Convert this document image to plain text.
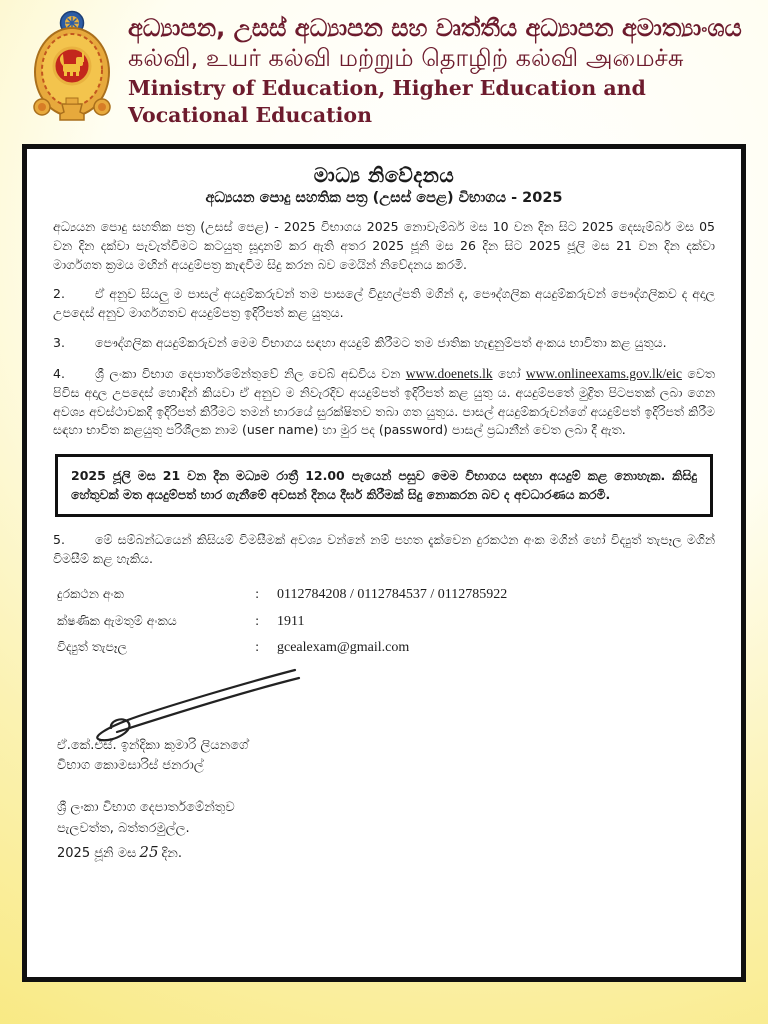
අධ්‍යාපන, උසස් අධ්‍යාපන සහ වෘත්තීය අධ්‍යාපන අමාත්‍යාංශය
கல்வி, உயர் கல்வி மற்றும் தொழிற் கல்வி அமைச்சு
Ministry of Education, Higher Education and Vocational Education
මාධ්‍ය නිවේදනය
අධ්‍යයන පොදු සහතික පත්‍ර (උසස් පෙළ) විභාගය - 2025

අධ්‍යයන පොදු සහතික පත්‍ර (උසස් පෙළ) - 2025 විභාගය 2025 නොවැම්බර් මස 10 වන දින සිට 2025 දෙසැම්බර් මස 05 වන දින දක්වා පැවැත්වීමට කටයුතු සූදානම් කර ඇති අතර 2025 ජූනි මස 26 දින සිට 2025 ජූලි මස 21 වන දින දක්වා මාර්ගගත ක්‍රමය මඟින් අයදුම්පත්‍ර කැඳවීම සිදු කරන බව මෙයින් නිවේදනය කරමි.

2. ඒ අනුව සියලු ම පාසල් අයදුම්කරුවන් තම පාසලේ විදුහල්පති මගින් ද, පෞද්ගලික අයදුම්කරුවන් පෞද්ගලිකව ද අදාල උපදෙස් අනුව මාර්ගගතව අයදුම්පත්‍ර ඉදිරිපත් කළ යුතුය.

3. පෞද්ගලික අයදුම්කරුවන් මෙම විභාගය සඳහා අයදුම් කිරීමට තම ජාතික හැඳුනුම්පත් අංකය භාවිතා කළ යුතුය.

4. ශ්‍රී ලංකා විභාග දෙපාර්තමේන්තුවේ නිල වෙබ් අඩවිය වන www.doenets.lk හෝ www.onlineexams.gov.lk/eic වෙත පිවිස අදාල උපදෙස් හොඳින් කියවා ඒ අනුව ම නිවැරදිව අයදුම්පත් ඉදිරිපත් කළ යුතු ය. අයදුම්පතේ මුද්‍රිත පිටපතක් ලබා ගෙන අවශ්‍ය අවස්ථාවකදී ඉදිරිපත් කිරීමට තමන් භාරයේ සුරක්ෂිතව තබා ගත යුතුය. පාසල් අයදුම්කරුවන්ගේ අයදුම්පත් ඉදිරිපත් කිරීම සඳහා භාවිත කළයුතු පරිශීලක නාම (user name) හා මුර පද (password) පාසල් ප්‍රධානීන් වෙත ලබා දී ඇත.

2025 ජූලි මස 21 වන දින මධ්‍යම රාත්‍රී 12.00 පැයෙන් පසුව මෙම විභාගය සඳහා අයදුම් කළ නොහැක. කිසිදු හේතුවක් මත අයදුම්පත් භාර ගැනීමේ අවසන් දිනය දීර්ඝ කිරීමක් සිදු නොකරන බව ද අවධාරණය කරමි.

5. මේ සම්බන්ධයෙන් කිසියම් විමසීමක් අවශ්‍ය වන්නේ නම් පහත දැක්වෙන දුරකථන අංක මගින් හෝ විද්‍යුත් තැපෑල මගින් විමසීම් කළ හැකිය.

දුරකථන අංක	:	0112784208 / 0112784537 / 0112785922
ක්ෂණික ඇමතුම් අංකය	:	1911
විද්‍යුත් තැපෑල	:	gcealexam@gmail.com
ඒ.කේ.එස්. ඉන්දිකා කුමාරි ලියනගේ
විභාග කොමසාරිස් ජනරාල්
ශ්‍රී ලංකා විභාග දෙපාර්තමේන්තුව
පැලවත්ත, බත්තරමුල්ල.
2025 ජූනි මස 25 දින.
